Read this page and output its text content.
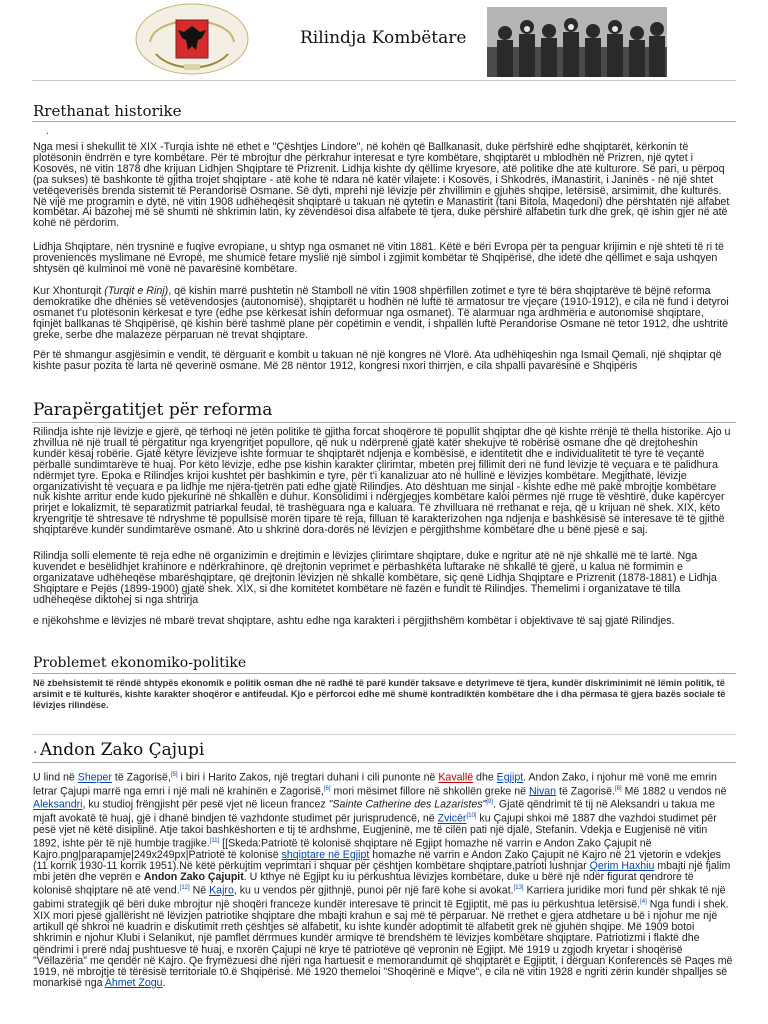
Rilindja Kombëtare
Rrethanat historike
.

Nga mesi i shekullit të XIX -Turqia ishte në ethet e "Çështjes Lindore", në kohën që Ballkanasit, duke përfshirë edhe shqiptarët, kërkonin të plotësonin ëndrrën e tyre kombëtare. Për të mbrojtur dhe përkrahur interesat e tyre kombëtare, shqiptarët u mblodhën në Prizren, një qytet i Kosovës, në vitin 1878 dhe krijuan Lidhjen Shqiptare të Prizrenit. Lidhja kishte dy qëllime kryesore, atë politike dhe atë kulturore. Së pari, u përpoq (pa sukses) të bashkonte të gjitha trojet shqiptare - atë kohe të ndara në katër vilajete: i Kosovës, i Shkodrës, iManastirit, i Janinës - në një shtet vetëqeverisës brenda sistemit të Perandorisë Osmane. Së dyti, mprehi një lëvizje për zhvillimin e gjuhës shqipe, letërsisë, arsimimit, dhe kulturës. Në vijë me programin e dytë, në vitin 1908 udhëheqësit shqiptarë u takuan në qytetin e Manastirit (tani Bitola, Maqedoni) dhe përshtatën një alfabet kombëtar. Ai bazohej më së shumti në shkrimin latin, ky zëvendësoi disa alfabete të tjera, duke përshirë alfabetin turk dhe grek, që ishin gjer në atë kohë në përdorim.

Lidhja Shqiptare, nën trysninë e fuqive evropiane, u shtyp nga osmanet në vitin 1881. Këtë e bëri Evropa për ta penguar krijimin e një shteti të ri të proveniencës myslimane në Evropë, me shumicë fetare myslië një simbol i zgjimit kombëtar të Shqipërisë, dhe idetë dhe qëllimet e saja ushqyen shtysën që kulminoi më vonë në pavarësinë kombëtare.

Kur Xhonturqit (Turqit e Rinj), që kishin marrë pushtetin në Stamboll në vitin 1908 shpërfillen zotimet e tyre të bëra shqiptarëve të bëjnë reforma demokratike dhe dhënies së vetëvendosjes (autonomisë), shqiptarët u hodhën në luftë të armatosur tre vjeçare (1910-1912), e cila në fund i detyroi osmanet t'u plotësonin kërkesat e tyre (edhe pse kërkesat ishin deformuar nga osmanet). Të alarmuar nga ardhmëria e autonomisë shqiptare, fqinjët ballkanas të Shqipërisë, që kishin bërë tashmë plane për copëtimin e vendit, i shpallën luftë Perandorise Osmane në tetor 1912, dhe ushtritë greke, serbe dhe malazeze përparuan në trevat shqiptare.

Për të shmangur asgjësimin e vendit, të dërguarit e kombit u takuan në një kongres në Vlorë. Ata udhëhiqeshin nga Ismail Qemali, një shqiptar që kishte pasur pozita të larta në qeverinë osmane. Më 28 nëntor 1912, kongresi nxori thirrjen, e cila shpalli pavarësinë e Shqipëris

Parapërgatitjet për reforma

Rilindja ishte një lëvizje e gjerë, që tërhoqi në jetën politike të gjitha forcat shoqërore të popullit shqiptar dhe që kishte rrënjë të thella historike. Ajo u zhvillua në një truall të përgatitur nga kryengritjet popullore, që nuk u ndërprenë gjatë katër shekujve të robërisë osmane dhe që drejtoheshin kundër kësaj robërie. Gjatë këtyre lëvizjeve ishte formuar te shqiptarët ndjenja e kombësisë, e identitetit dhe e individualitetit të tyre të veçantë përballë sundimtarëve të huaj. Por këto lëvizje, edhe pse kishin karakter çlirimtar, mbetën prej fillimit deri në fund lëvizje të veçuara e të palidhura ndërmjet tyre. Epoka e Rilindjes krijoi kushtet për bashkimin e tyre, për t'i kanalizuar ato në hullinë e lëvizjes kombëtare. Megjithatë, lëvizje organizativisht të veçuara e pa lidhje me njëra-tjetrën pati edhe gjatë Rilindjes. Ato dështuan me sinjal - kishte edhe më pakë mbrojtje kombëtare nuk kishte arritur ende kudo pjekurinë në shkallën e duhur. Konsolidimi i ndërgjegjes kombëtare kaloi përmes një rruge të vështirë, duke kapërcyer prirjet e lokalizmit, të separatizmit patriarkal feudal, të trashëguara nga e kaluara. Të zhvilluara në rrethanat e reja, që u krijuan në shek. XIX, këto kryengritje të shtresave të ndryshme të popullsisë morën tipare të reja, filluan të karakterizohen nga ndjenja e bashkësisë së interesave të të gjithë shqiptarëve kundër sundimtarëve osmanë. Ato u shkrinë dora-dorës në lëvizjen e përgjithshme kombëtare dhe u bënë pjesë e saj.

Rilindja solli elemente të reja edhe në organizimin e drejtimin e lëvizjes çlirimtare shqiptare, duke e ngritur atë në një shkallë më të lartë. Nga kuvendet e besëlidhjet krahinore e ndërkrahinore, që drejtonin veprimet e përbashkëta luftarake në shkallë të gjerë, u kalua në formimin e organizatave udhëheqëse mbarëshqiptare, që drejtonin lëvizjen në shkallë kombëtare, siç qenë Lidhja Shqiptare e Prizrenit (1878-1881) e Lidhja Shqiptare e Pejës (1899-1900) gjatë shek. XIX, si dhe komitetet kombëtare në fazën e fundit të Rilindjes. Themelimi i organizatave të tilla udhëheqëse diktohej si nga shtrirja

e njëkohshme e lëvizjes në mbarë trevat shqiptare, ashtu edhe nga karakteri i përgjithshëm kombëtar i objektivave të saj gjatë Rilindjes.

Problemet ekonomiko-politike

Në zbehsistemit të rëndë shtypës ekonomik e politik osman dhe në radhë të parë kundër taksave e detyrimeve të tjera, kundër diskriminimit në lëmin politik, të arsimit e të kulturës, kishte karakter shoqëror e antifeudal. Kjo e përforcoi edhe më shumë kontradiktën kombëtare dhe i dha përmasa të gjera bazës sociale të lëvizjes rilindëse.

. Andon Zako Çajupi

U lind në Sheper të Zagorisë,[5] i biri i Harito Zakos, një tregtari duhani i cili punonte në Kavallë dhe Egjipt. Andon Zako, i njohur më vonë me emrin letrar Çajupi marrë nga emri i një mali në krahinën e Zagorisë,[6] mori mësimet fillore në shkollën greke në Nivan të Zagorisë.[8] Më 1882 u vendos në Aleksandri, ku studioj frëngjisht për pesë vjet në liceun francez "Sainte Catherine des Lazaristes"[9]. Gjatë qëndrimit të tij në Aleksandri u takua me mjaft avokatë të huaj, gjë i dhanë bindjen të vazhdonte studimet për jurisprudencë, në Zvicër[10] ku Çajupi shkoi më 1887 dhe vazhdoi studimet për pesë vjet në këtë disiplinë. Atje takoi bashkëshorten e tij të ardhshme, Eugjeninë, me të cilën pati një djalë, Stefanin. Vdekja e Eugjenisë në vitin 1892, ishte për të një humbje tragjike.[11] [[Skeda:Patriotë të kolonisë shqiptare në Egjipt homazhe në varrin e Andon Zako Çajupit në Kajro.png|parapamje|249x249px|Patriotë të kolonisë shqiptare në Egjipt homazhe në varrin e Andon Zako Çajupit në Kajro në 21 vjetorin e vdekjes (11 korrik 1930-11 korrik 1951).Në këtë përkujtim veprimtari i shquar për çështjen kombëtare shqiptare,patrioti lushnjar Qerim Haxhiu mbajti një fjalim mbi jetën dhe veprën e Andon Zako Çajupit. U kthye në Egjipt ku iu përkushtua lëvizjes kombëtare, duke u bërë një ndër figurat qendrore të kolonisë shqiptare në atë vend.[12] Në Kajro, ku u vendos për gjithnjë, punoi për një farë kohe si avokat.[13] Karriera juridike mori fund për shkak të një gabimi strategjik që bëri duke mbrojtur një shoqëri franceze kundër interesave të princit të Egjiptit, më pas iu përkushtua letërsisë.[4] Nga fundi i shek. XIX mori pjesë gjallërisht në lëvizjen patriotike shqiptare dhe mbajti krahun e saj më të përparuar. Në rrethet e gjera atdhetare u bë i njohur me një artikull që shkroi në kuadrin e diskutimit rreth çështjes së alfabetit, ku ishte kundër adoptimit të alfabetit grek në gjuhën shqipe. Më 1909 botoi shkrimin e njohur Klubi i Selanikut, një pamflet dërrmues kundër armiqve të brendshëm të lëvizjes kombëtare shqiptare. Patriotizmi i flaktë dhe qëndrimi i prerë ndaj pushtuesve të huaj, e nxorën Çajupi në krye të patriotëve që vepronin në Egjipt. Më 1919 u zgjodh kryetar i shoqërisë "Vëllazëria" me qendër në Kajro. Qe frymëzuesi dhe njëri nga hartuesit e memorandumit që shqiptarët e Egjiptit, i dërguan Konferencës së Paqes më 1919, në mbrojtje të tërësisë territoriale t0.ë Shqipërisë. Më 1920 themeloi "Shoqërinë e Miqve", e cila në vitin 1928 e ngriti zërin kundër shpalljes së monarkisë nga Ahmet Zogu.
